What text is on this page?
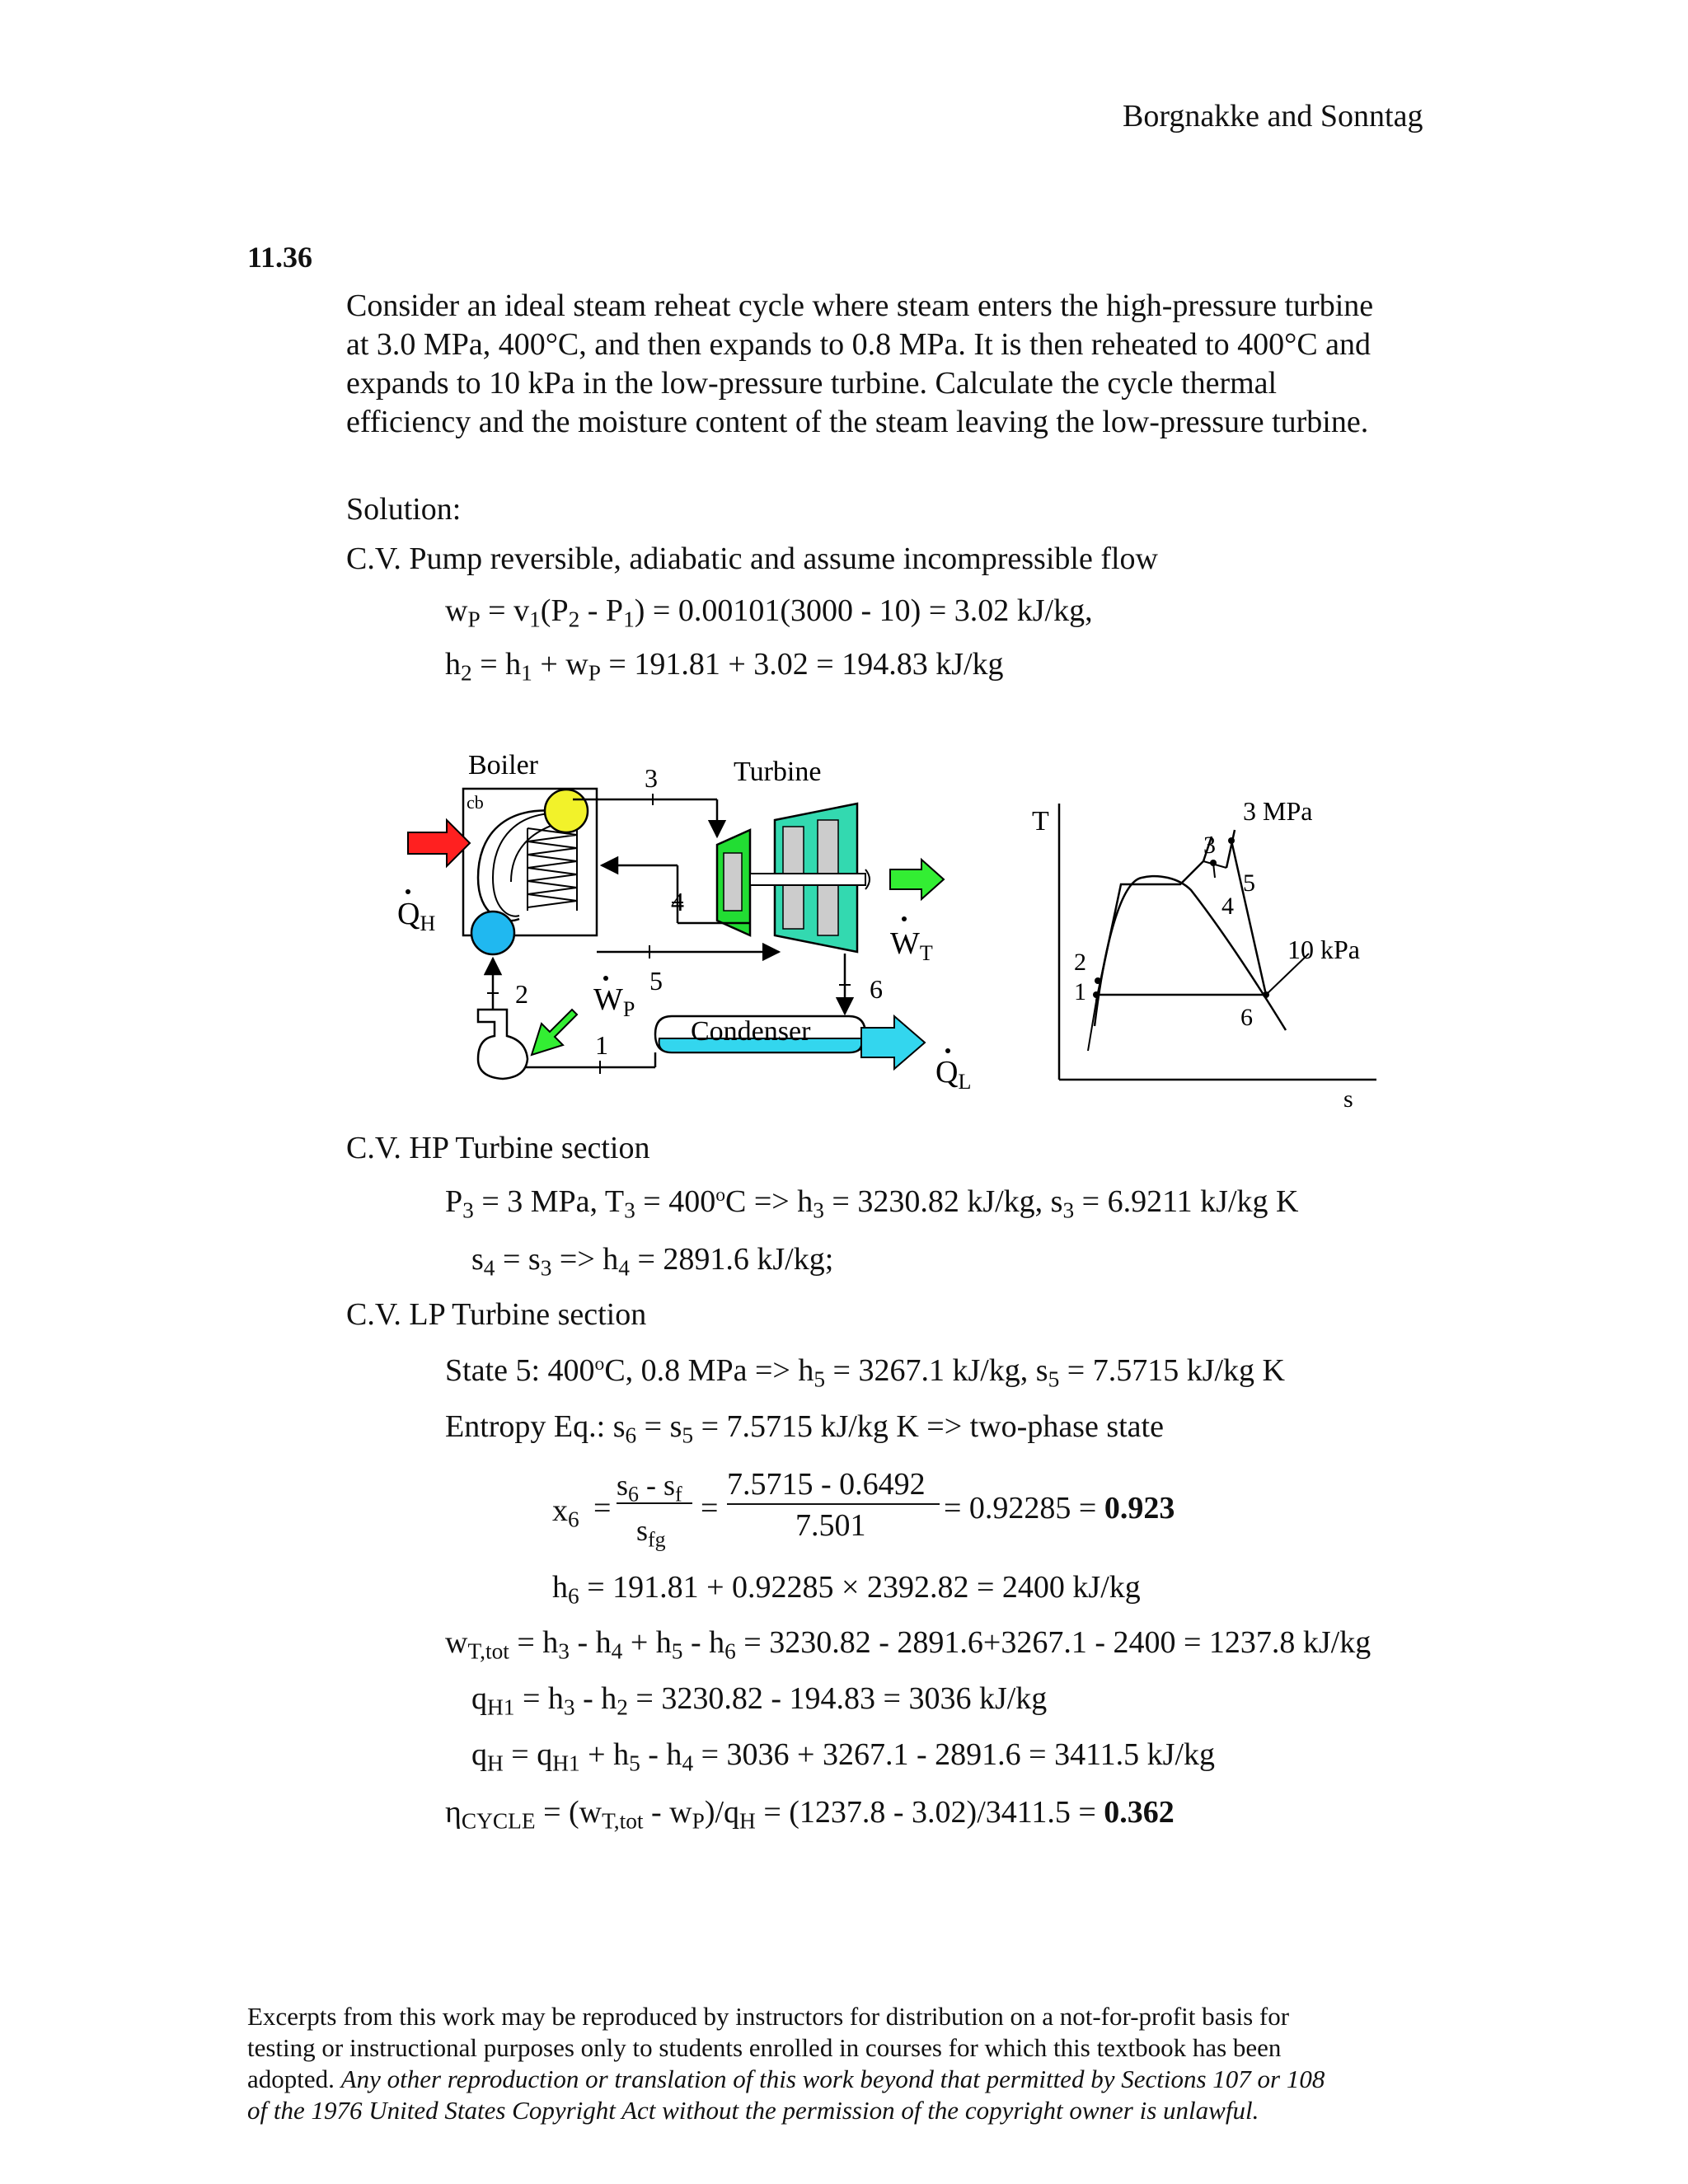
Borgnakke and Sonntag
11.36
Consider an ideal steam reheat cycle where steam enters the high-pressure turbine
at 3.0 MPa, 400°C, and then expands to 0.8 MPa. It is then reheated to 400°C and
expands to 10 kPa in the low-pressure turbine. Calculate the cycle thermal
efficiency and the moisture content of the steam leaving the low-pressure turbine.
Solution:
C.V. Pump reversible, adiabatic and assume incompressible flow
$w_P = v_1(P_2 - P_1) = 0.00101(3000 - 10) = 3.02$ kJ/kg,
$h_2 = h_1 + w_P = 191.81 + 3.02 = 194.83$ kJ/kg
Boiler
cb
$Q_H$
Turbine
$W_T$
3
4
5	6
Condenser
$Q_L$
1
2 $W_P$
T
s
3 MPa
10 kPa
3
4
5
6
1
2
C.V. HP Turbine section
$P_3 = 3$ MPa, $T_3 = 400^oC => h_3 = 3230.82$ kJ/kg, $s_3 = 6.9211$ kJ/kg K
$s_4 = s_3 => h_4 = 2891.6$ kJ/kg;
C.V. LP Turbine section
State 5: 400$^o$C, 0.8 MPa => $h_5 = 3267.1$ kJ/kg, $s_5 = 7.5715$ kJ/kg K
Entropy Eq.: $s_6 = s_5 = 7.5715$ kJ/kg K => two-phase state
$x_6$ =
$s_6 - s_f$
$s_{fg}$
=
7.5715 - 0.6492
7.501 = 0.92285 = 0.923
$h_6 = 191.81 + 0.92285 \times 2392.82 = 2400$ kJ/kg
$w_{T,tot} = h_3 - h_4 + h_5 - h_6 = 3230.82 - 2891.6+3267.1 - 2400 = 1237.8$ kJ/kg
$q_{H1} = h_3 - h_2 = 3230.82 - 194.83 = 3036$ kJ/kg
$q_H = q_{H1} + h_5 - h_4 = 3036 + 3267.1 - 2891.6 = 3411.5$ kJ/kg
$\eta_{CYCLE} = (w_{T,tot} - w_P)/q_H = (1237.8 - 3.02)/3411.5 = 0.362$
Excerpts from this work may be reproduced by instructors for distribution on a not-for-profit basis for
testing or instructional purposes only to students enrolled in courses for which this textbook has been
adopted. Any other reproduction or translation of this work beyond that permitted by Sections 107 or 108
of the 1976 United States Copyright Act without the permission of the copyright owner is unlawful.
